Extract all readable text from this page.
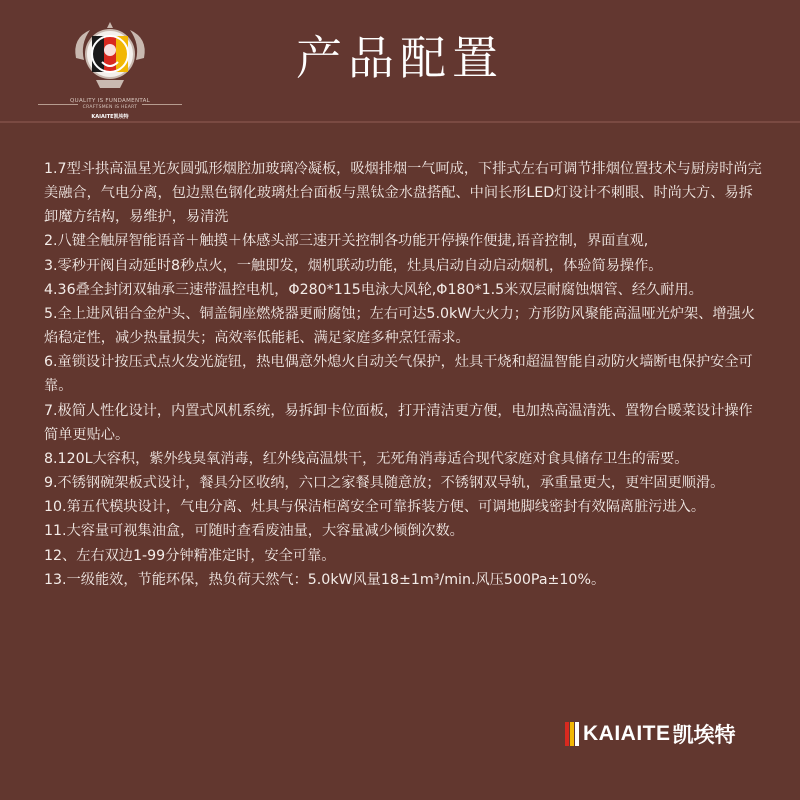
QUALITY IS FUNDAMENTAL
CRAFTSMEN IS HEART
KAIAITE凯埃特
产品配置

1.7型斗拱高温星光灰圆弧形烟腔加玻璃冷凝板，吸烟排烟一气呵成，下排式左右可调节排烟位置技术与厨房时尚完美融合，气电分离，包边黑色钢化玻璃灶台面板与黑钛金水盘搭配、中间长形LED灯设计不刺眼、时尚大方、易拆卸魔方结构，易维护，易清洗

2.八键全触屏智能语音＋触摸＋体感头部三速开关控制各功能开停操作便捷,语音控制，界面直观,

3.零秒开阀自动延时8秒点火，一触即发，烟机联动功能，灶具启动自动启动烟机，体验简易操作。

4.36叠全封闭双轴承三速带温控电机，Φ280*115电泳大风轮,Φ180*1.5米双层耐腐蚀烟管、经久耐用。

5.全上进风铝合金炉头、铜盖铜座燃烧器更耐腐蚀；左右可达5.0kW大火力；方形防风聚能高温哑光炉架、增强火焰稳定性，减少热量损失；高效率低能耗、满足家庭多种烹饪需求。

6.童锁设计按压式点火发光旋钮，热电偶意外熄火自动关气保护，灶具干烧和超温智能自动防火墙断电保护安全可靠。

7.极简人性化设计，内置式风机系统，易拆卸卡位面板，打开清洁更方便，电加热高温清洗、置物台暖菜设计操作简单更贴心。

8.120L大容积，紫外线臭氧消毒，红外线高温烘干，无死角消毒适合现代家庭对食具储存卫生的需要。

9.不锈钢碗架板式设计，餐具分区收纳，六口之家餐具随意放；不锈钢双导轨，承重量更大，更牢固更顺滑。

10.第五代模块设计，气电分离、灶具与保洁柜离安全可靠拆装方便、可调地脚线密封有效隔离脏污进入。

11.大容量可视集油盒，可随时查看废油量，大容量减少倾倒次数。

12、左右双边1-99分钟精准定时，安全可靠。

13.一级能效，节能环保，热负荷天然气：5.0kW风量18±1m³/min.风压500Pa±10%。

KAIAITE 凯埃特
